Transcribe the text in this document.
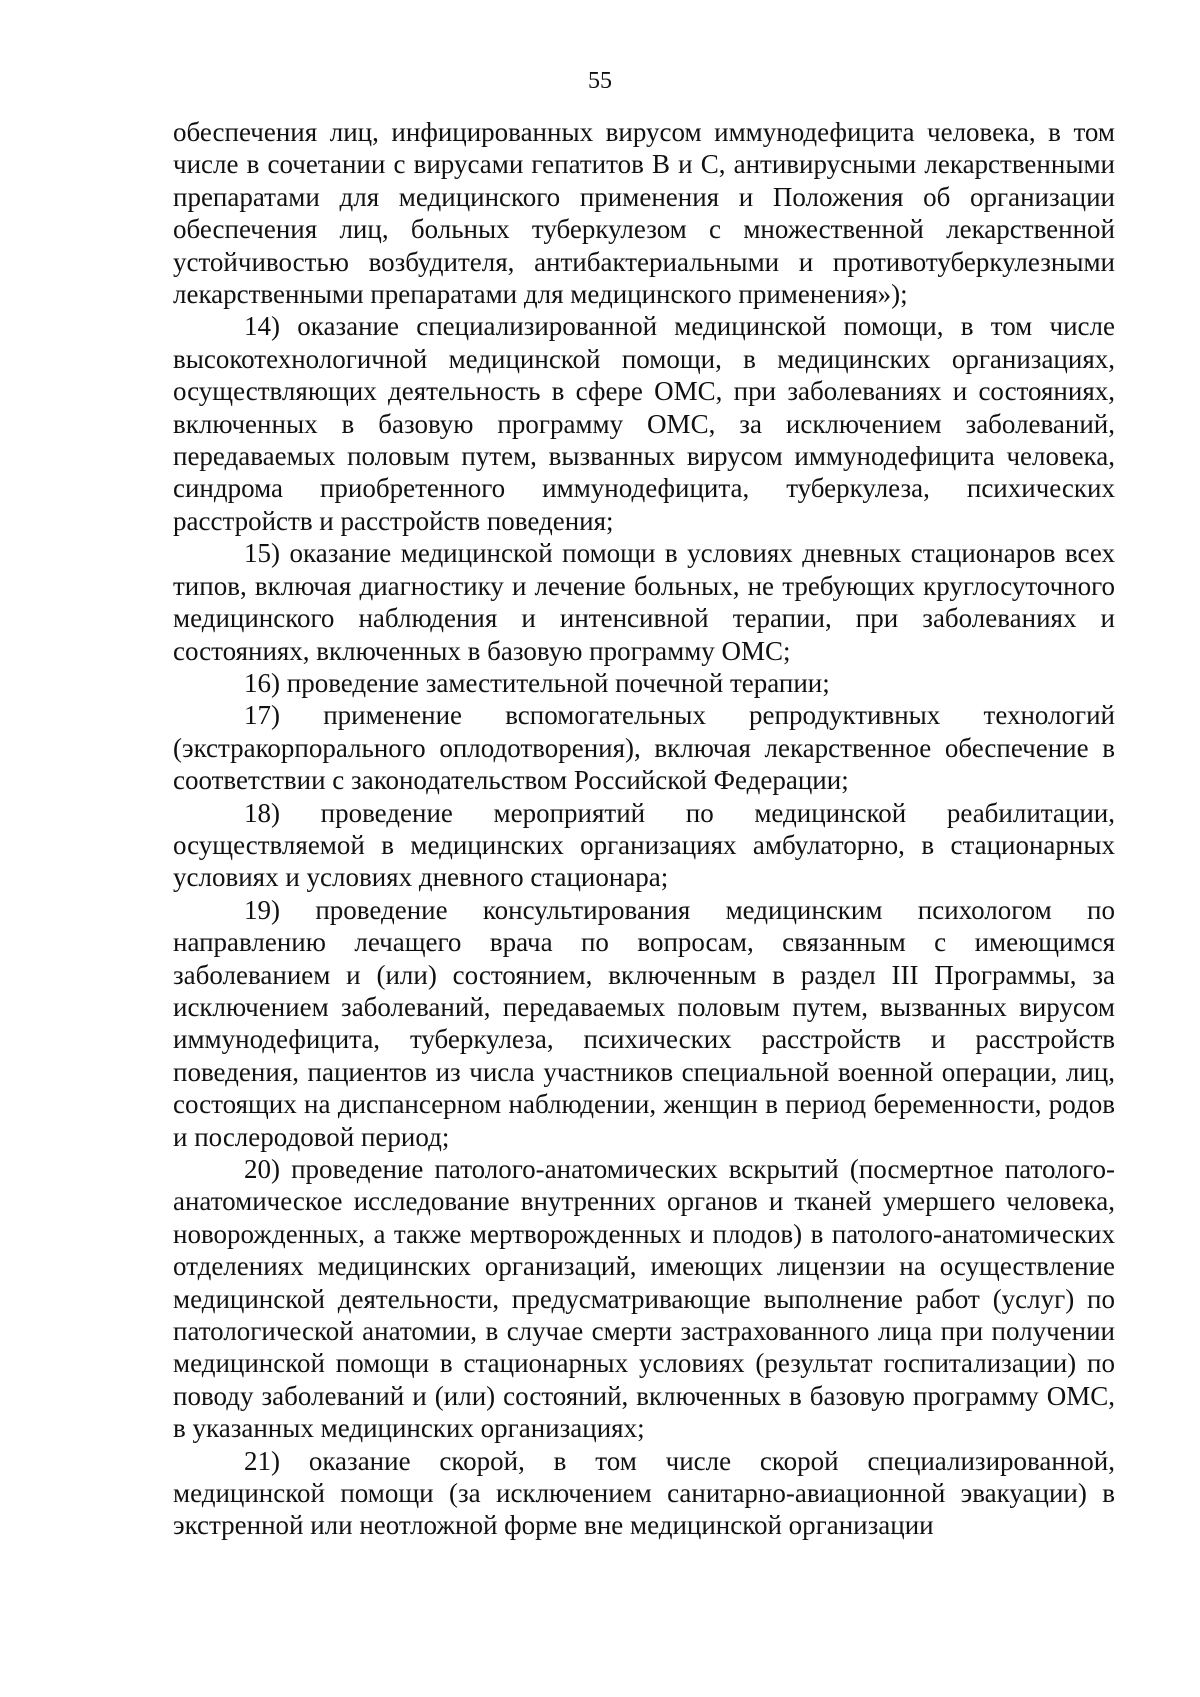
55

обеспечения лиц, инфицированных вирусом иммунодефицита человека, в том числе в сочетании с вирусами гепатитов B и C, антивирусными лекарственными препаратами для медицинского применения и Положения об организации обеспечения лиц, больных туберкулезом с множественной лекарственной устойчивостью возбудителя, антибактериальными и противотуберкулезными лекарственными препаратами для медицинского применения»);

14) оказание специализированной медицинской помощи, в том числе высокотехнологичной медицинской помощи, в медицинских организациях, осуществляющих деятельность в сфере ОМС, при заболеваниях и состояниях, включенных в базовую программу ОМС, за исключением заболеваний, передаваемых половым путем, вызванных вирусом иммунодефицита человека, синдрома приобретенного иммунодефицита, туберкулеза, психических расстройств и расстройств поведения;

15) оказание медицинской помощи в условиях дневных стационаров всех типов, включая диагностику и лечение больных, не требующих круглосуточного медицинского наблюдения и интенсивной терапии, при заболеваниях и состояниях, включенных в базовую программу ОМС;

16) проведение заместительной почечной терапии;

17) применение вспомогательных репродуктивных технологий (экстракорпорального оплодотворения), включая лекарственное обеспечение в соответствии с законодательством Российской Федерации;

18) проведение мероприятий по медицинской реабилитации, осуществляемой в медицинских организациях амбулаторно, в стационарных условиях и условиях дневного стационара;

19) проведение консультирования медицинским психологом по направлению лечащего врача по вопросам, связанным с имеющимся заболеванием и (или) состоянием, включенным в раздел III Программы, за исключением заболеваний, передаваемых половым путем, вызванных вирусом иммунодефицита, туберкулеза, психических расстройств и расстройств поведения, пациентов из числа участников специальной военной операции, лиц, состоящих на диспансерном наблюдении, женщин в период беременности, родов и послеродовой период;

20) проведение патолого-анатомических вскрытий (посмертное патолого-анатомическое исследование внутренних органов и тканей умершего человека, новорожденных, а также мертворожденных и плодов) в патолого-анатомических отделениях медицинских организаций, имеющих лицензии на осуществление медицинской деятельности, предусматривающие выполнение работ (услуг) по патологической анатомии, в случае смерти застрахованного лица при получении медицинской помощи в стационарных условиях (результат госпитализации) по поводу заболеваний и (или) состояний, включенных в базовую программу ОМС, в указанных медицинских организациях;

21) оказание скорой, в том числе скорой специализированной, медицинской помощи (за исключением санитарно-авиационной эвакуации) в экстренной или неотложной форме вне медицинской организации
